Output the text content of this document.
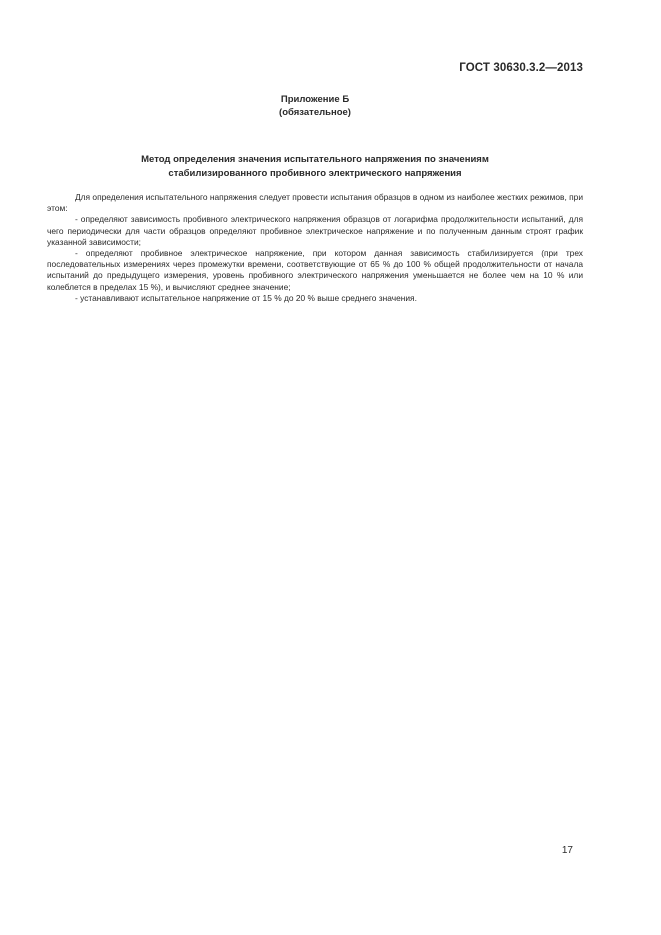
ГОСТ 30630.3.2—2013
Приложение Б
(обязательное)
Метод определения значения испытательного напряжения по значениям
стабилизированного пробивного электрического напряжения

Для определения испытательного напряжения следует провести испытания образцов в одном из наиболее жестких режимов, при этом:

- определяют зависимость пробивного электрического напряжения образцов от логарифма продолжительности испытаний, для чего периодически для части образцов определяют пробивное электрическое напряжение и по полученным данным строят график указанной зависимости;

- определяют пробивное электрическое напряжение, при котором данная зависимость стабилизируется (при трех последовательных измерениях через промежутки времени, соответствующие от 65 % до 100 % общей продолжительности от начала испытаний до предыдущего измерения, уровень пробивного электрического напряжения уменьшается не более чем на 10 % или колеблется в пределах 15 %), и вычисляют среднее значение;

- устанавливают испытательное напряжение от 15 % до 20 % выше среднего значения.

17
